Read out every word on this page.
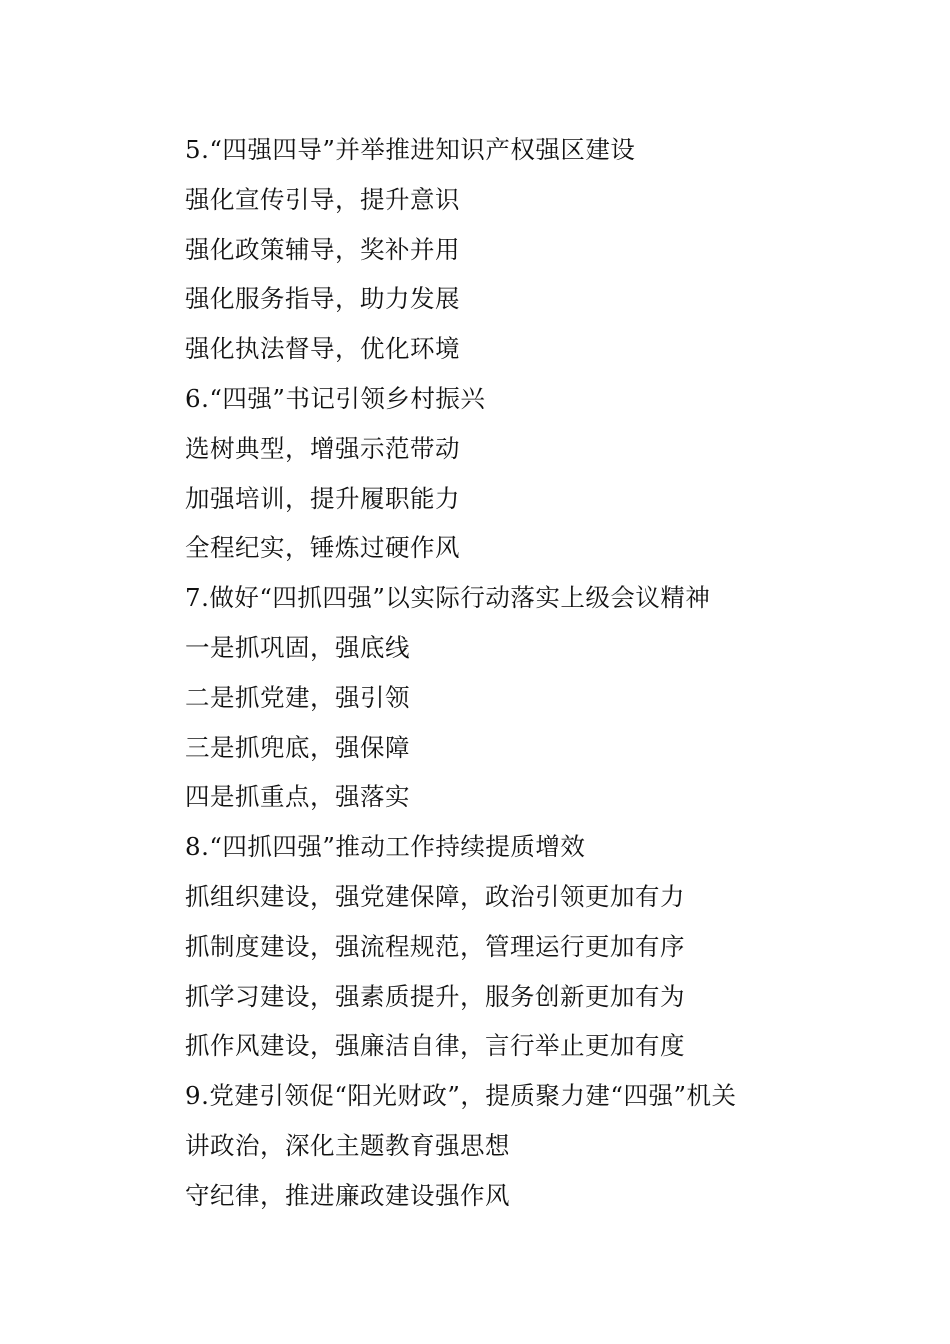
5.“四强四导”并举推进知识产权强区建设
强化宣传引导，提升意识
强化政策辅导，奖补并用
强化服务指导，助力发展
强化执法督导，优化环境
6.“四强”书记引领乡村振兴
选树典型，增强示范带动
加强培训，提升履职能力
全程纪实，锤炼过硬作风
7.做好“四抓四强”以实际行动落实上级会议精神
一是抓巩固，强底线
二是抓党建，强引领
三是抓兜底，强保障
四是抓重点，强落实
8.“四抓四强”推动工作持续提质增效
抓组织建设，强党建保障，政治引领更加有力
抓制度建设，强流程规范，管理运行更加有序
抓学习建设，强素质提升，服务创新更加有为
抓作风建设，强廉洁自律，言行举止更加有度
9.党建引领促“阳光财政”，提质聚力建“四强”机关
讲政治，深化主题教育强思想
守纪律，推进廉政建设强作风
